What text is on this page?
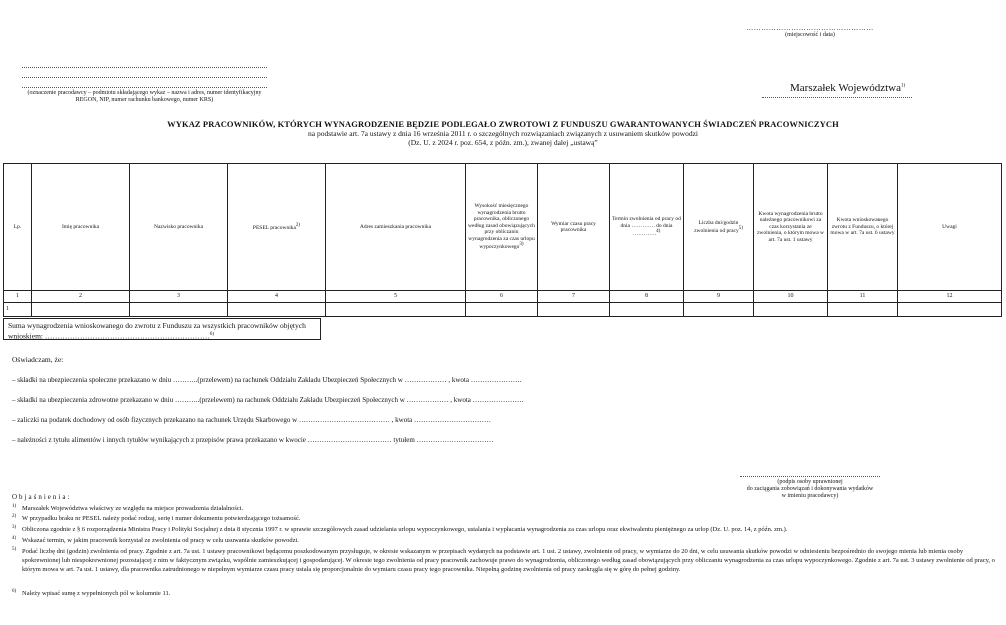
……………………………………………
(miejscowość i data)
(oznaczenie pracodawcy – podmiotu składającego wykaz – nazwa i adres, numer identyfikacyjny REGON, NIP, numer rachunku bankowego, numer KRS)
Marszałek Województwa$^{1)}$
WYKAZ PRACOWNIKÓW, KTÓRYCH WYNAGRODZENIE BĘDZIE PODLEGAŁO ZWROTOWI Z FUNDUSZU GWARANTOWANYCH ŚWIADCZEŃ PRACOWNICZYCH
na podstawie art. 7a ustawy z dnia 16 września 2011 r. o szczególnych rozwiązaniach związanych z usuwaniem skutków powodzi
(Dz. U. z 2024 r. poz. 654, z późn. zm.), zwanej dalej „ustawą”
Lp.	Imię pracownika	Nazwisko pracownika	PESEL pracownika$^{2)}$	Adres zamieszkania pracownika	Wysokość miesięcznego wynagrodzenia brutto pracownika, obliczonego według zasad obowiązujących przy obliczaniu wynagrodzenia za czas urlopu wypoczynkowego$^{3)}$	Wymiar czasu pracy pracownika	Termin zwolnienia od pracy od dnia …………. do dnia ………….$^{4)}$	Liczba dni/godzin zwolnienia od pracy$^{5)}$	Kwota wynagrodzenia brutto należnego pracownikowi za czas korzystania ze zwolnienia, o którym mowa w art. 7a ust. 1 ustawy	Kwota wnioskowanego zwrotu z Funduszu, o której mowa w art. 7a ust. 6 ustawy	Uwagi
1	2	3	4	5	6	7	8	9	10	11	12
1											
Suma wynagrodzenia wnioskowanego do zwrotu z Funduszu za wszystkich pracowników objętych wnioskiem: …………………………………………………………$^{6)}$
Oświadczam, że:
– składki na ubezpieczenia społeczne przekazano w dniu ………..(przelewem) na rachunek Oddziału Zakładu Ubezpieczeń Społecznych w ……………… , kwota ………………….
– składki na ubezpieczenia zdrowotne przekazano w dniu ………..(przelewem) na rachunek Oddziału Zakładu Ubezpieczeń Społecznych w ……………… , kwota ………………….
– zaliczki na podatek dochodowy od osób fizycznych przekazano na rachunek Urzędu Skarbowego w ………………………………… , kwota ……………………………
– należności z tytułu alimentów i innych tytułów wynikających z przepisów prawa przekazano w kwocie ……………………………… tytułem ……………………………

(podpis osoby uprawnionej
do zaciągania zobowiązań i dokonywania wydatków
w imieniu pracodawcy)
Objaśnienia:
1) Marszałek Województwa właściwy ze względu na miejsce prowadzenia działalności.
2) W przypadku braku nr PESEL należy podać rodzaj, serię i numer dokumentu potwierdzającego tożsamość.
3) Obliczona zgodnie z § 6 rozporządzenia Ministra Pracy i Polityki Socjalnej z dnia 8 stycznia 1997 r. w sprawie szczegółowych zasad udzielania urlopu wypoczynkowego, ustalania i wypłacania wynagrodzenia za czas urlopu oraz ekwiwalentu pieniężnego za urlop (Dz. U. poz. 14, z późn. zm.).
4) Wskazać termin, w jakim pracownik korzystał ze zwolnienia od pracy w celu usuwania skutków powodzi.
5) Podać liczbę dni (godzin) zwolnienia od pracy. Zgodnie z art. 7a ust. 1 ustawy pracownikowi będącemu poszkodowanym przysługuje, w okresie wskazanym w przepisach wydanych na podstawie art. 1 ust. 2 ustawy, zwolnienie od pracy, w wymiarze do 20 dni, w celu usuwania skutków powodzi w odniesieniu bezpośrednio do swojego mienia lub mienia osoby spokrewnionej lub niespokrewnionej pozostającej z nim w faktycznym związku, wspólnie zamieszkującej i gospodarującej. W okresie tego zwolnienia od pracy pracownik zachowuje prawo do wynagrodzenia, obliczonego według zasad obowiązujących przy obliczaniu wynagrodzenia za czas urlopu wypoczynkowego. Zgodnie z art. 7a ust. 3 ustawy zwolnienie od pracy, o którym mowa w art. 7a ust. 1 ustawy, dla pracownika zatrudnionego w niepełnym wymiarze czasu pracy ustala się proporcjonalnie do wymiaru czasu pracy tego pracownika. Niepełną godzinę zwolnienia od pracy zaokrągla się w górę do pełnej godziny.
6) Należy wpisać sumę z wypełnionych pól w kolumnie 11.
